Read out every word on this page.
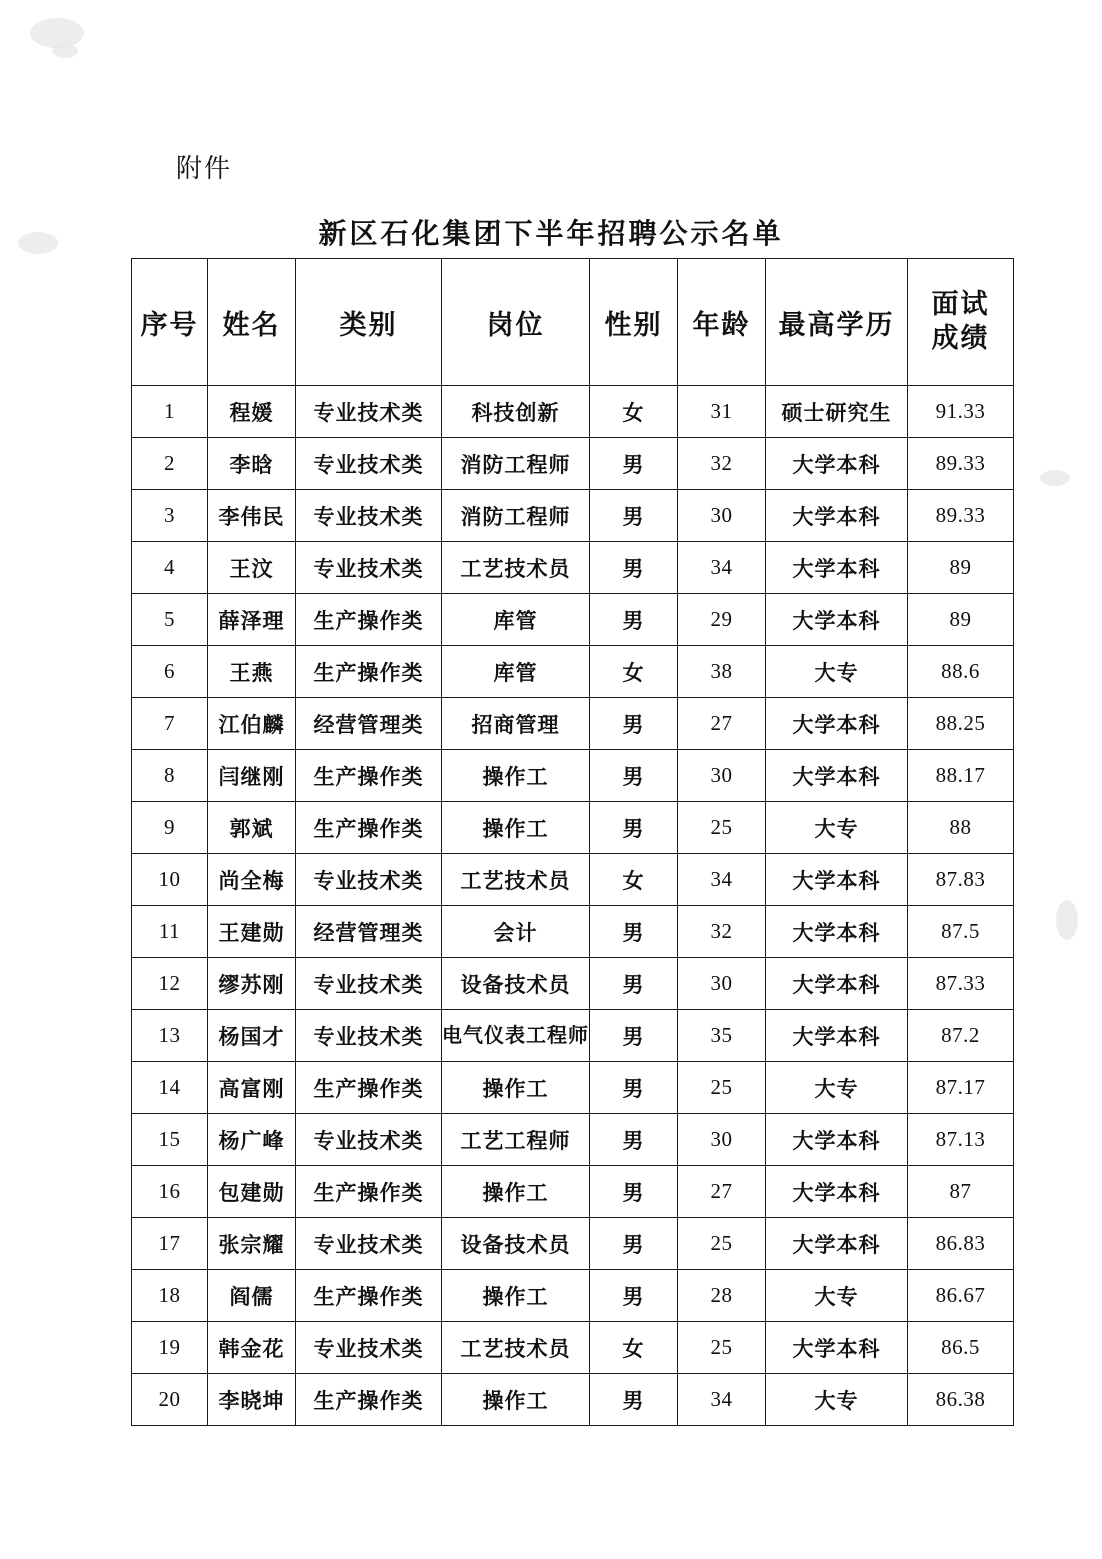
附件
新区石化集团下半年招聘公示名单
序号	姓名	类别	岗位	性别	年龄	最高学历	面试
成绩

1	程媛	专业技术类	科技创新	女	31	硕士研究生	91.33
2	李晗	专业技术类	消防工程师	男	32	大学本科	89.33
3	李伟民	专业技术类	消防工程师	男	30	大学本科	89.33
4	王汶	专业技术类	工艺技术员	男	34	大学本科	89
5	薛泽理	生产操作类	库管	男	29	大学本科	89
6	王燕	生产操作类	库管	女	38	大专	88.6
7	江伯麟	经营管理类	招商管理	男	27	大学本科	88.25
8	闫继刚	生产操作类	操作工	男	30	大学本科	88.17
9	郭斌	生产操作类	操作工	男	25	大专	88
10	尚全梅	专业技术类	工艺技术员	女	34	大学本科	87.83
11	王建勋	经营管理类	会计	男	32	大学本科	87.5
12	缪苏刚	专业技术类	设备技术员	男	30	大学本科	87.33
13	杨国才	专业技术类	电气仪表工程师	男	35	大学本科	87.2
14	高富刚	生产操作类	操作工	男	25	大专	87.17
15	杨广峰	专业技术类	工艺工程师	男	30	大学本科	87.13
16	包建勋	生产操作类	操作工	男	27	大学本科	87
17	张宗耀	专业技术类	设备技术员	男	25	大学本科	86.83
18	阎儒	生产操作类	操作工	男	28	大专	86.67
19	韩金花	专业技术类	工艺技术员	女	25	大学本科	86.5
20	李晓坤	生产操作类	操作工	男	34	大专	86.38
